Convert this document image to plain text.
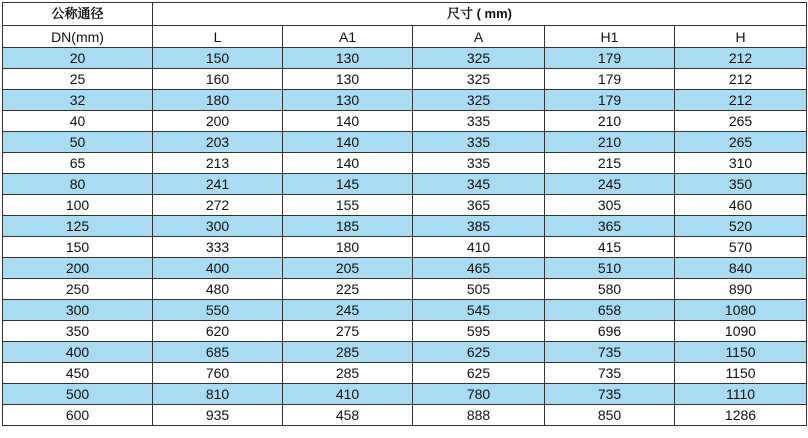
公称通径	尺寸 ( mm)				
DN(mm)	L	A1	A	H1	H
20	150	130	325	179	212
25	160	130	325	179	212
32	180	130	325	179	212
40	200	140	335	210	265
50	203	140	335	210	265
65	213	140	335	215	310
80	241	145	345	245	350
100	272	155	365	305	460
125	300	185	385	365	520
150	333	180	410	415	570
200	400	205	465	510	840
250	480	225	505	580	890
300	550	245	545	658	1080
350	620	275	595	696	1090
400	685	285	625	735	1150
450	760	285	625	735	1150
500	810	410	780	735	1110
600	935	458	888	850	1286
